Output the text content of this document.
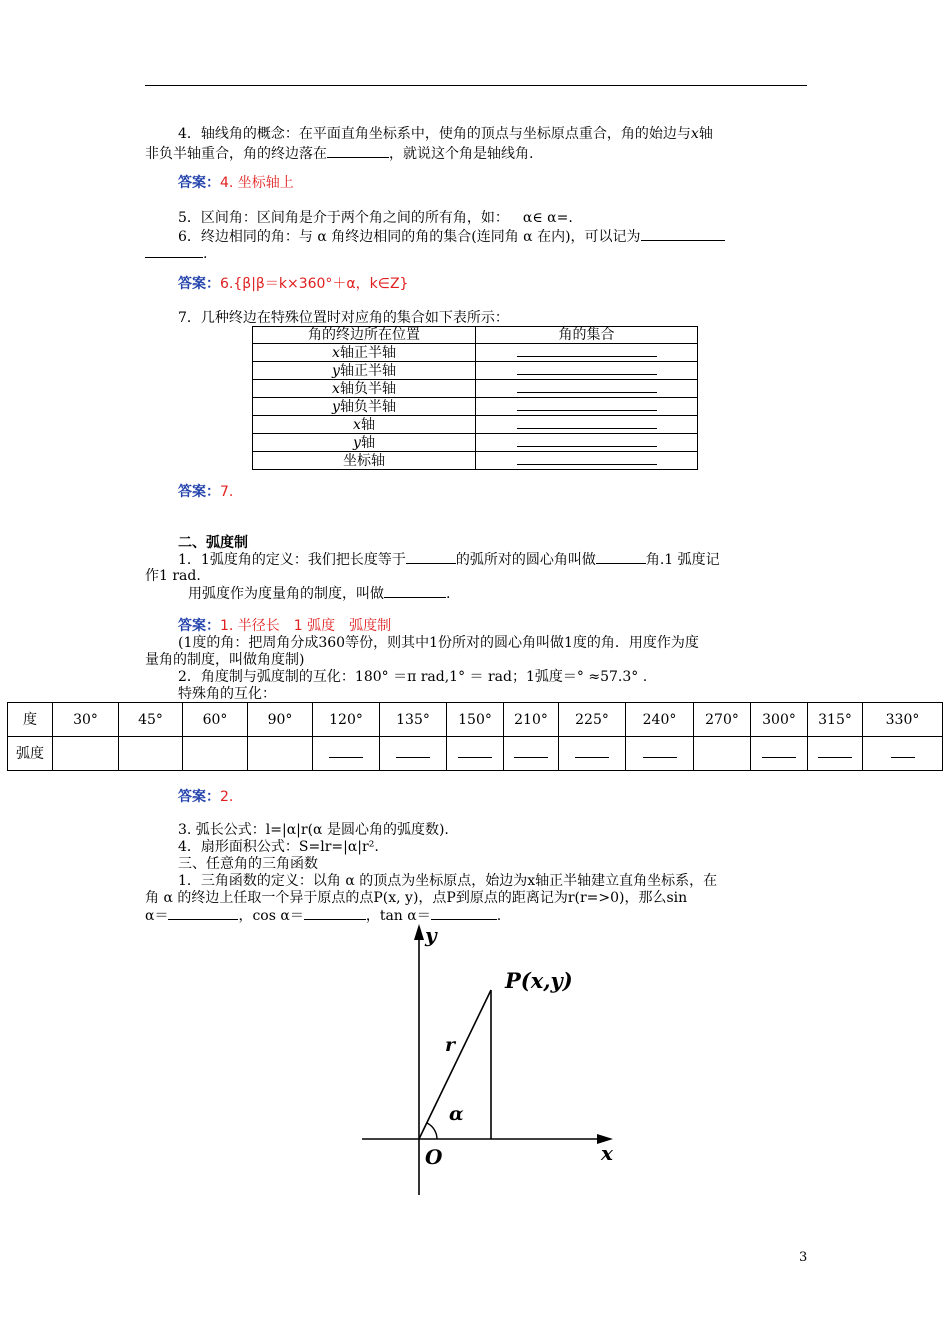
4．轴线角的概念：在平面直角坐标系中，使角的顶点与坐标原点重合，角的始边与x轴
非负半轴重合，角的终边落在	，就说这个角是轴线角.
答案：4. 坐标轴上
5．区间角：区间角是介于两个角之间的所有角，如： α∈ α=.
6．终边相同的角：与 α 角终边相同的角的集合(连同角 α 在内)，可以记为
.
答案：6.{β|β＝k×360°＋α，k∈Z}
7．几种终边在特殊位置时对应角的集合如下表所示：
角的终边所在位置	角的集合
x轴正半轴	
y轴正半轴	
x轴负半轴	
y轴负半轴	
x轴	
y轴	
坐标轴	
答案：7.
二、弧度制
1．1弧度角的定义：我们把长度等于	的弧所对的圆心角叫做	角.1 弧度记
作1 rad.
用弧度作为度量角的制度，叫做	.
答案：1. 半径长　1 弧度　弧度制
(1度的角：把周角分成360等份，则其中1份所对的圆心角叫做1度的角．用度作为度
量角的制度，叫做角度制)
2．角度制与弧度制的互化：180° ＝π rad,1° ＝ rad；1弧度＝° ≈57.3° .
特殊角的互化：
度	30°	45°	60°	90°	120°	135°	150°	210°	225°	240°	270°	300°	315°	330°
弧度														
答案：2.
3. 弧长公式：l=|α|r(α 是圆心角的弧度数).
4．扇形面积公式：S=lr=|α|r².
三、任意角的三角函数
1．三角函数的定义：以角 α 的顶点为坐标原点，始边为x轴正半轴建立直角坐标系，在
角 α 的终边上任取一个异于原点的点P(x, y)，点P到原点的距离记为r(r=>0)，那么sin
α＝	，cos α＝	，tan α＝	.
y
x
O
P(x,y)
r
α
3
